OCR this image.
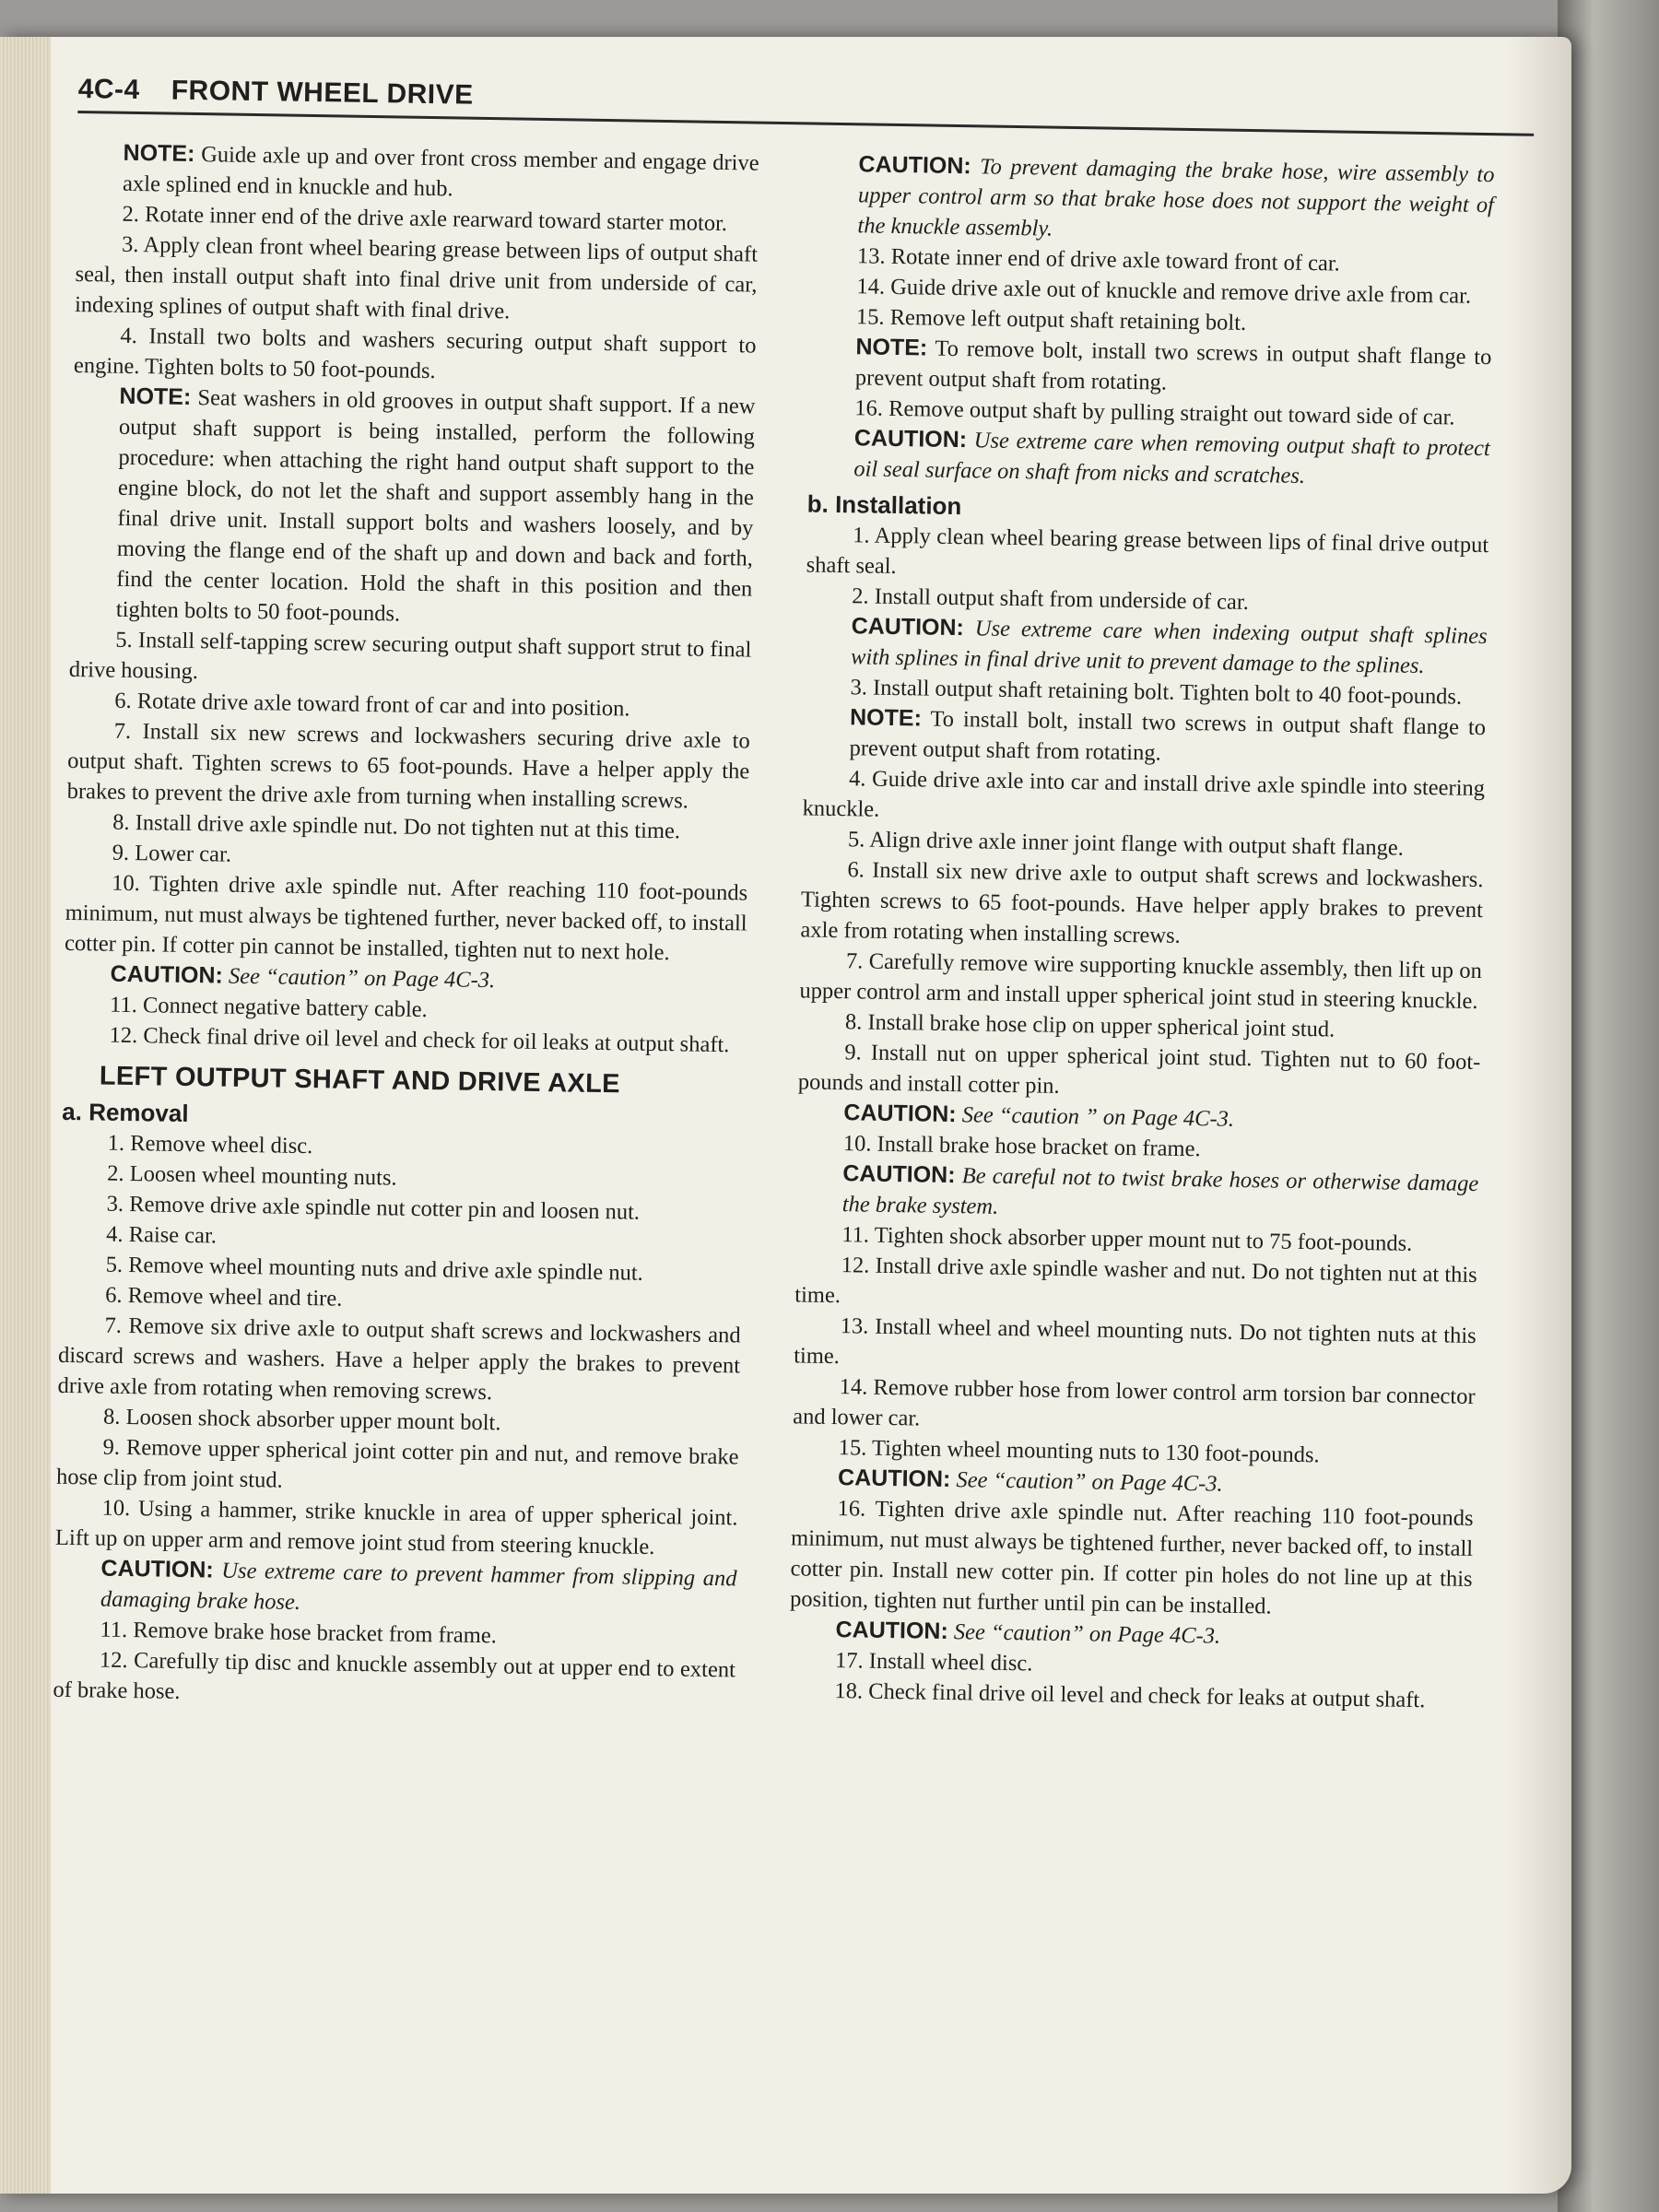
4C-4 FRONT WHEEL DRIVE

NOTE: Guide axle up and over front cross member and engage drive axle splined end in knuckle and hub.

2. Rotate inner end of the drive axle rearward toward starter motor.

3. Apply clean front wheel bearing grease between lips of output shaft seal, then install output shaft into final drive unit from underside of car, indexing splines of output shaft with final drive.

4. Install two bolts and washers securing output shaft support to engine. Tighten bolts to 50 foot-pounds.

NOTE: Seat washers in old grooves in output shaft support. If a new output shaft support is being installed, perform the following procedure: when attaching the right hand output shaft support to the engine block, do not let the shaft and support assembly hang in the final drive unit. Install support bolts and washers loosely, and by moving the flange end of the shaft up and down and back and forth, find the center location. Hold the shaft in this position and then tighten bolts to 50 foot-pounds.

5. Install self-tapping screw securing output shaft support strut to final drive housing.

6. Rotate drive axle toward front of car and into position.

7. Install six new screws and lockwashers securing drive axle to output shaft. Tighten screws to 65 foot-pounds. Have a helper apply the brakes to prevent the drive axle from turning when installing screws.

8. Install drive axle spindle nut. Do not tighten nut at this time.

9. Lower car.

10. Tighten drive axle spindle nut. After reaching 110 foot-pounds minimum, nut must always be tightened further, never backed off, to install cotter pin. If cotter pin cannot be installed, tighten nut to next hole.

CAUTION: See “caution” on Page 4C-3.

11. Connect negative battery cable.

12. Check final drive oil level and check for oil leaks at output shaft.

LEFT OUTPUT SHAFT AND DRIVE AXLE

a. Removal

1. Remove wheel disc.

2. Loosen wheel mounting nuts.

3. Remove drive axle spindle nut cotter pin and loosen nut.

4. Raise car.

5. Remove wheel mounting nuts and drive axle spindle nut.

6. Remove wheel and tire.

7. Remove six drive axle to output shaft screws and lockwashers and discard screws and washers. Have a helper apply the brakes to prevent drive axle from rotating when removing screws.

8. Loosen shock absorber upper mount bolt.

9. Remove upper spherical joint cotter pin and nut, and remove brake hose clip from joint stud.

10. Using a hammer, strike knuckle in area of upper spherical joint. Lift up on upper arm and remove joint stud from steering knuckle.

CAUTION: Use extreme care to prevent hammer from slipping and damaging brake hose.

11. Remove brake hose bracket from frame.

12. Carefully tip disc and knuckle assembly out at upper end to extent of brake hose.

CAUTION: To prevent damaging the brake hose, wire assembly to upper control arm so that brake hose does not support the weight of the knuckle assembly.

13. Rotate inner end of drive axle toward front of car.

14. Guide drive axle out of knuckle and remove drive axle from car.

15. Remove left output shaft retaining bolt.

NOTE: To remove bolt, install two screws in output shaft flange to prevent output shaft from rotating.

16. Remove output shaft by pulling straight out toward side of car.

CAUTION: Use extreme care when removing output shaft to protect oil seal surface on shaft from nicks and scratches.

b. Installation

1. Apply clean wheel bearing grease between lips of final drive output shaft seal.

2. Install output shaft from underside of car.

CAUTION: Use extreme care when indexing output shaft splines with splines in final drive unit to prevent damage to the splines.

3. Install output shaft retaining bolt. Tighten bolt to 40 foot-pounds.

NOTE: To install bolt, install two screws in output shaft flange to prevent output shaft from rotating.

4. Guide drive axle into car and install drive axle spindle into steering knuckle.

5. Align drive axle inner joint flange with output shaft flange.

6. Install six new drive axle to output shaft screws and lockwashers. Tighten screws to 65 foot-pounds. Have helper apply brakes to prevent axle from rotating when installing screws.

7. Carefully remove wire supporting knuckle assembly, then lift up on upper control arm and install upper spherical joint stud in steering knuckle.

8. Install brake hose clip on upper spherical joint stud.

9. Install nut on upper spherical joint stud. Tighten nut to 60 foot-pounds and install cotter pin.

CAUTION: See “caution ” on Page 4C-3.

10. Install brake hose bracket on frame.

CAUTION: Be careful not to twist brake hoses or otherwise damage the brake system.

11. Tighten shock absorber upper mount nut to 75 foot-pounds.

12. Install drive axle spindle washer and nut. Do not tighten nut at this time.

13. Install wheel and wheel mounting nuts. Do not tighten nuts at this time.

14. Remove rubber hose from lower control arm torsion bar connector and lower car.

15. Tighten wheel mounting nuts to 130 foot-pounds.

CAUTION: See “caution” on Page 4C-3.

16. Tighten drive axle spindle nut. After reaching 110 foot-pounds minimum, nut must always be tightened further, never backed off, to install cotter pin. Install new cotter pin. If cotter pin holes do not line up at this position, tighten nut further until pin can be installed.

CAUTION: See “caution” on Page 4C-3.

17. Install wheel disc.

18. Check final drive oil level and check for leaks at output shaft.
